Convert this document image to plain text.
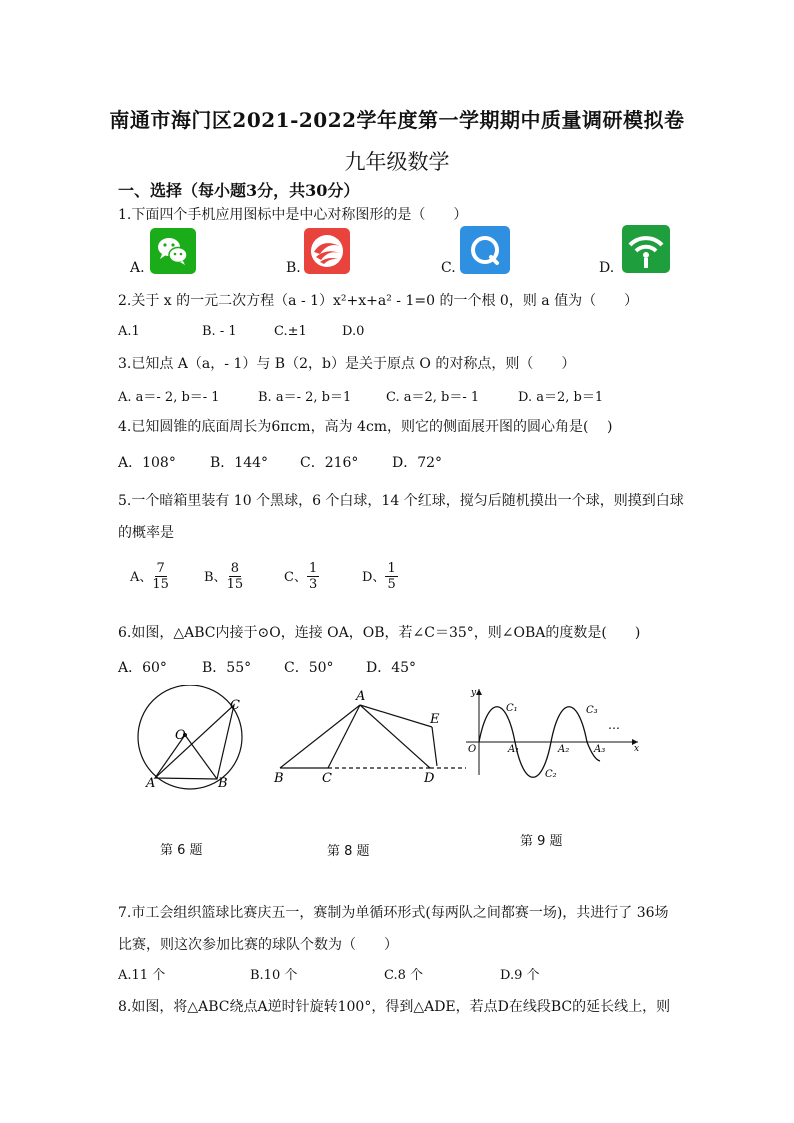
南通市海门区2021-2022学年度第一学期期中质量调研模拟卷
九年级数学
一、选择（每小题3分，共30分）
1.下面四个手机应用图标中是中心对称图形的是（　　）
A.	B.	C.	D.
2.关于 x 的一元二次方程（a - 1）x²+x+a² - 1=0 的一个根 0，则 a 值为（　　）
A.1	B. - 1	C.±1	D.0
3.已知点 A（a，- 1）与 B（2，b）是关于原点 O 的对称点，则（　　）
A. a＝- 2, b＝- 1	B. a＝- 2, b＝1	C. a＝2, b＝- 1	D. a＝2, b＝1
4.已知圆锥的底面周长为6πcm，高为 4cm，则它的侧面展开图的圆心角是(　 )
A．108° B．144° C．216° D．72°
5.一个暗箱里装有 10 个黑球，6 个白球，14 个红球，搅匀后随机摸出一个球，则摸到白球
的概率是
A、 $\frac{7}{15}$	B、 $\frac{8}{15}$	C、 $\frac{1}{3}$	D、 $\frac{1}{5}$
6.如图，△ABC内接于⊙O，连接 OA，OB，若∠C＝35°，则∠OBA的度数是(　　)
A．60°	B．55° C．50° D．45°
C
O
A	B
A
E
B	C	D
y
x
O
C₁
C₂
C₃
A₁	A₂ A₃
…
第 6 题	第 8 题
第 9 题
7.市工会组织篮球比赛庆五一，赛制为单循环形式(每两队之间都赛一场)，共进行了 36场
比赛，则这次参加比赛的球队个数为（　　）
A.11 个	B.10 个	C.8 个	D.9 个
8.如图，将△ABC绕点A逆时针旋转100°，得到△ADE，若点D在线段BC的延长线上，则
